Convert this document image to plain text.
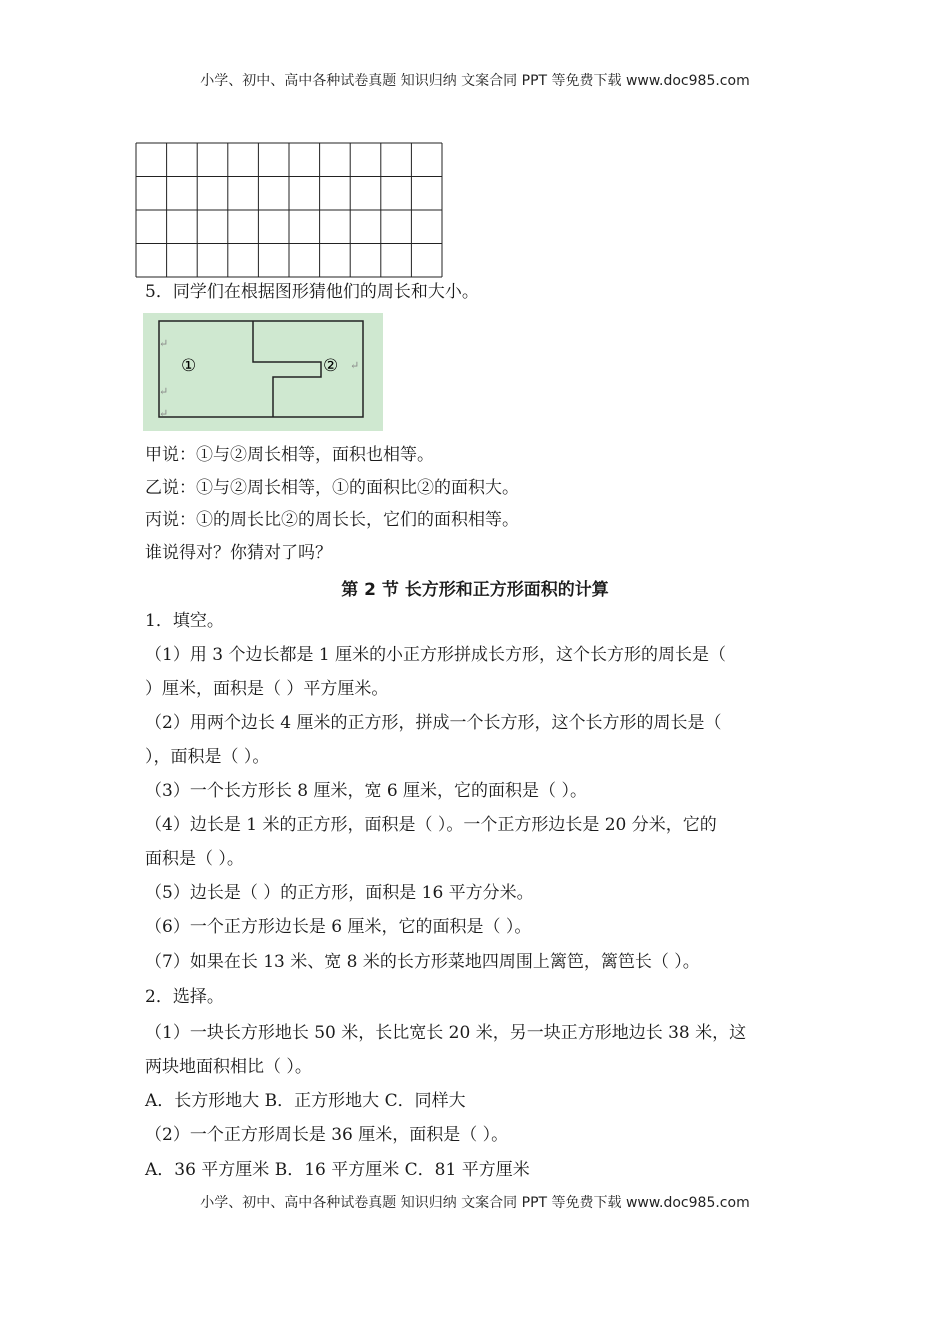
小学、初中、高中各种试卷真题 知识归纳 文案合同 PPT 等免费下载 www.doc985.com
5．同学们在根据图形猜他们的周长和大小。
①	② ↵
↵
↵
↵
甲说：①与②周长相等，面积也相等。
乙说：①与②周长相等，①的面积比②的面积大。
丙说：①的周长比②的周长长，它们的面积相等。
谁说得对？你猜对了吗？
第 2 节 长方形和正方形面积的计算
1．填空。
（1）用 3 个边长都是 1 厘米的小正方形拼成长方形，这个长方形的周长是（
）厘米，面积是（ ）平方厘米。
（2）用两个边长 4 厘米的正方形，拼成一个长方形，这个长方形的周长是（
），面积是（ ）。
（3）一个长方形长 8 厘米，宽 6 厘米，它的面积是（ ）。
（4）边长是 1 米的正方形，面积是（ ）。一个正方形边长是 20 分米，它的
面积是（ ）。
（5）边长是（ ）的正方形，面积是 16 平方分米。
（6）一个正方形边长是 6 厘米，它的面积是（ ）。
（7）如果在长 13 米、宽 8 米的长方形菜地四周围上篱笆，篱笆长（ ）。
2．选择。
（1）一块长方形地长 50 米，长比宽长 20 米，另一块正方形地边长 38 米，这
两块地面积相比（ ）。
A．长方形地大 B．正方形地大 C．同样大
（2）一个正方形周长是 36 厘米，面积是（ ）。
A．36 平方厘米 B．16 平方厘米 C．81 平方厘米
小学、初中、高中各种试卷真题 知识归纳 文案合同 PPT 等免费下载 www.doc985.com
